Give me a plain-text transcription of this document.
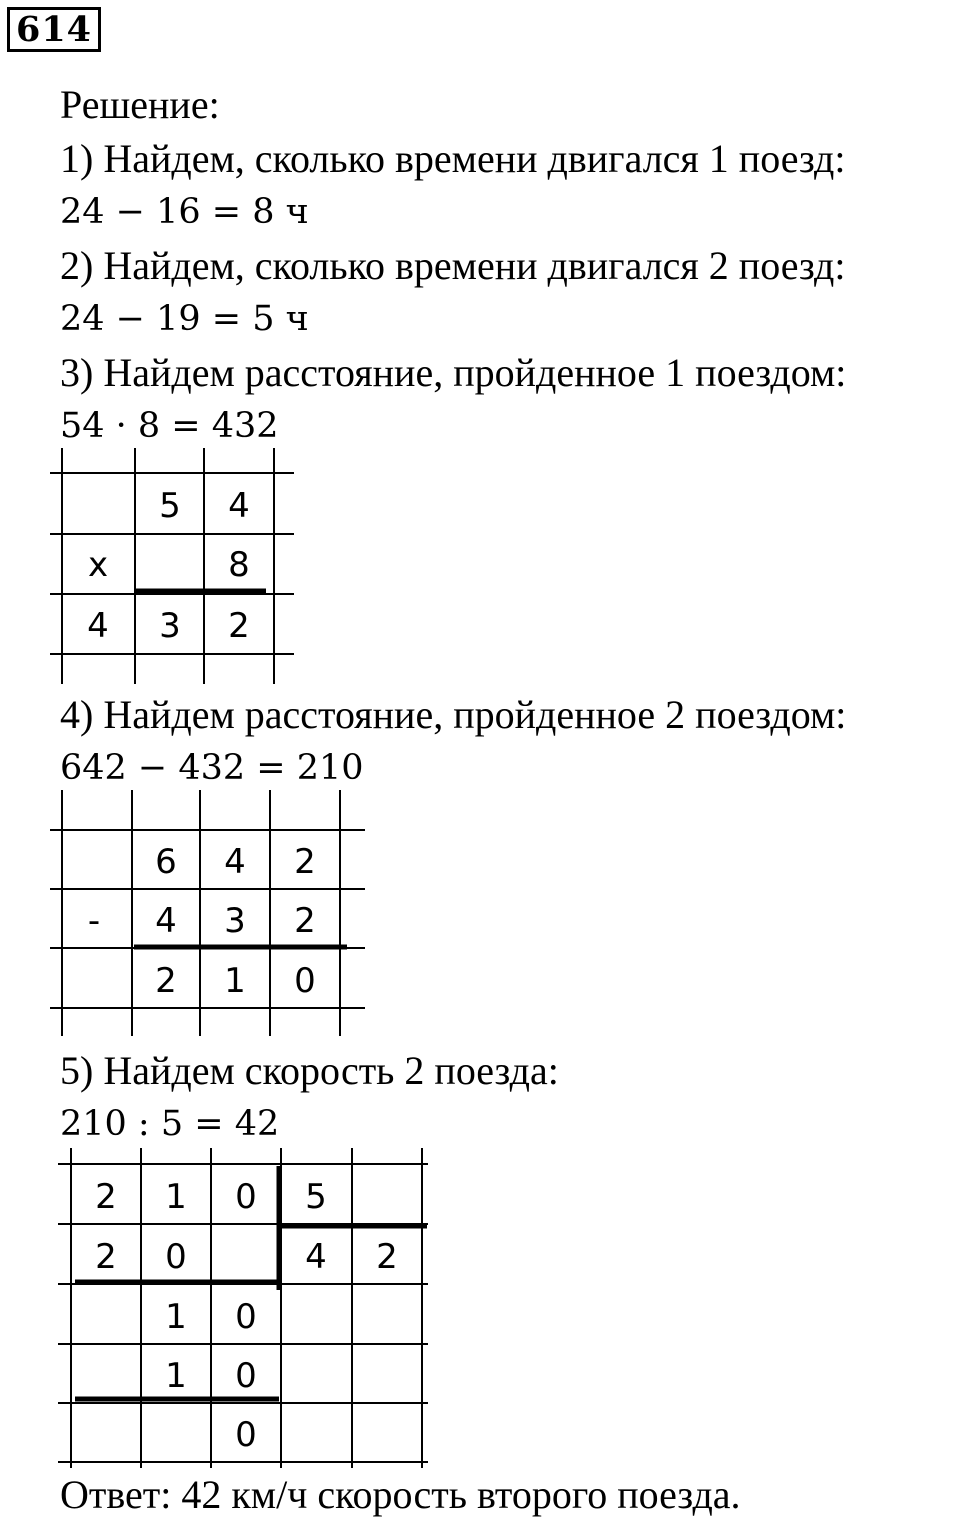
614
Решение:
1) Найдем, сколько времени двигался 1 поезд:
24 − 16 = 8 ч
2) Найдем, сколько времени двигался 2 поезд:
24 − 19 = 5 ч
3) Найдем расстояние, пройденное 1 поездом:
54 · 8 = 432
5 4
x	8
4 3 2
4) Найдем расстояние, пройденное 2 поездом:
642 − 432 = 210
6 4 2
- 4 3 2
2 1 0
5) Найдем скорость 2 поезда:
210 : 5 = 42
2 1 0 5
2 0	4 2
1 0
1 0
0
Ответ: 42 км/ч скорость второго поезда.
